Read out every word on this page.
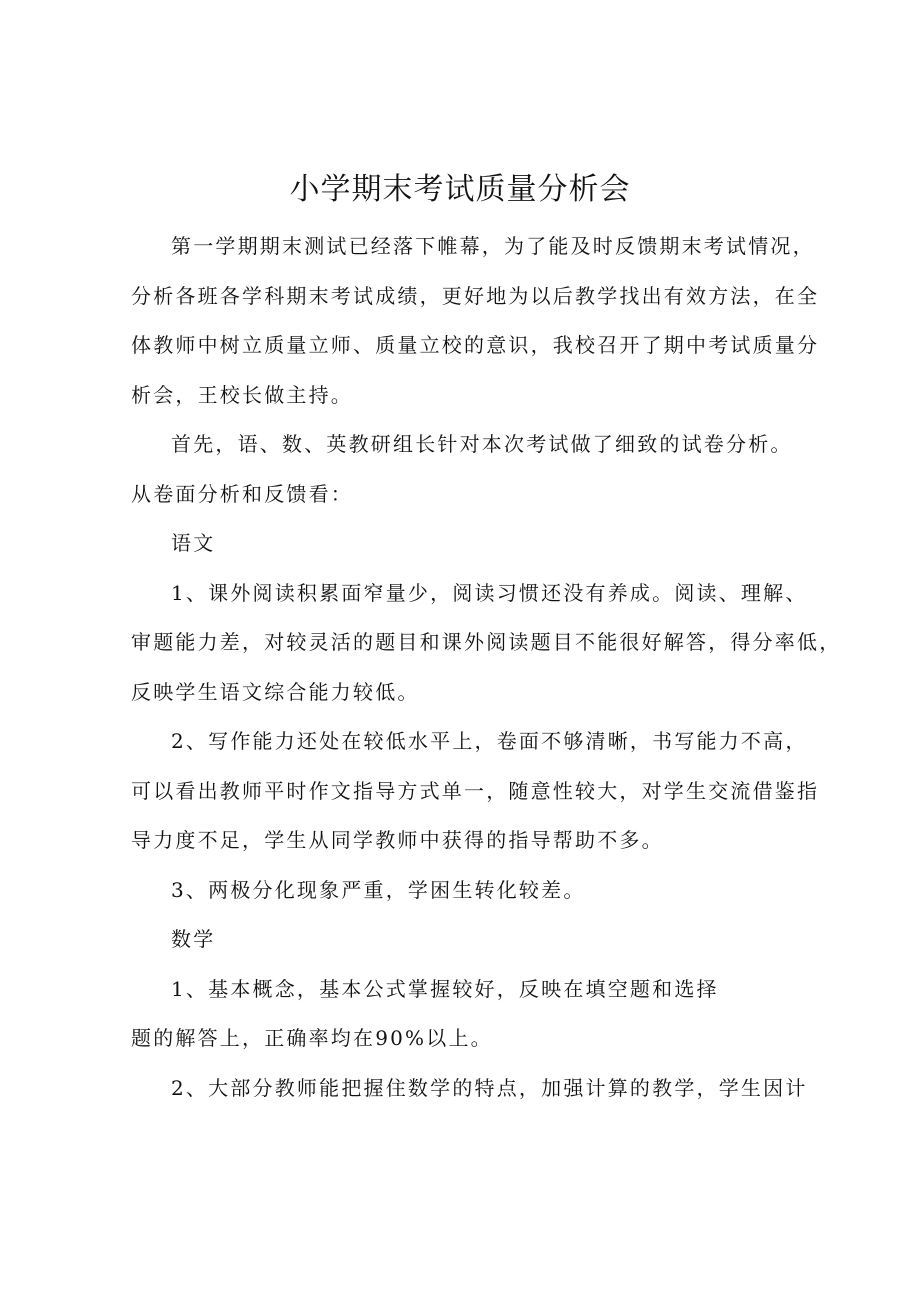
小学期末考试质量分析会

第一学期期末测试已经落下帷幕，为了能及时反馈期末考试情况，
分析各班各学科期末考试成绩，更好地为以后教学找出有效方法，在全
体教师中树立质量立师、质量立校的意识，我校召开了期中考试质量分
析会，王校长做主持。

首先，语、数、英教研组长针对本次考试做了细致的试卷分析。
从卷面分析和反馈看：

语文

1、课外阅读积累面窄量少，阅读习惯还没有养成。阅读、理解、
审题能力差，对较灵活的题目和课外阅读题目不能很好解答，得分率低，
反映学生语文综合能力较低。

2、写作能力还处在较低水平上，卷面不够清晰，书写能力不高，
可以看出教师平时作文指导方式单一，随意性较大，对学生交流借鉴指
导力度不足，学生从同学教师中获得的指导帮助不多。

3、两极分化现象严重，学困生转化较差。

数学

1、基本概念，基本公式掌握较好，反映在填空题和选择
题的解答上，正确率均在90%以上。

2、大部分教师能把握住数学的特点，加强计算的教学，学生因计
